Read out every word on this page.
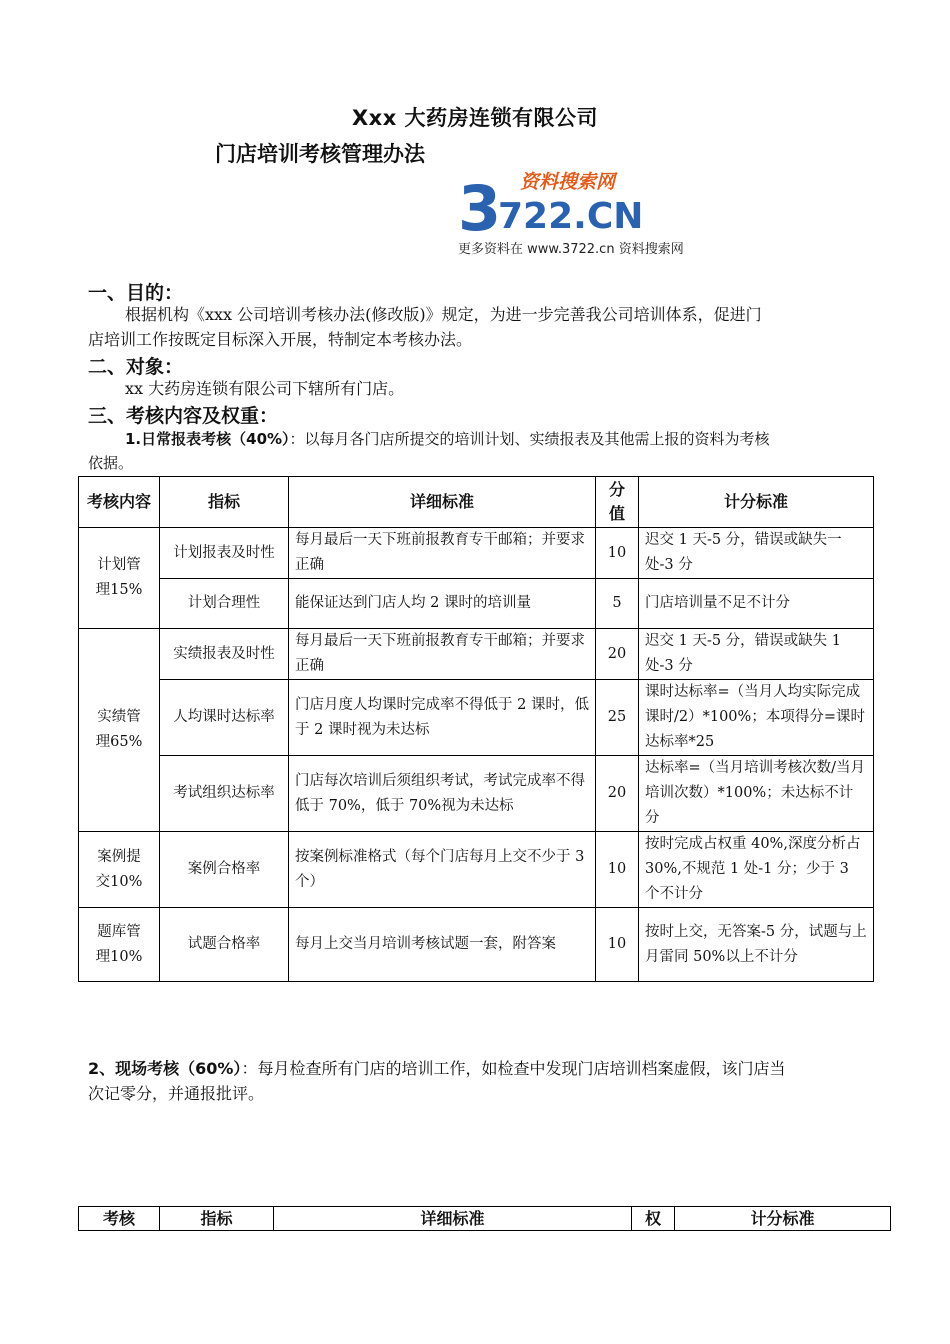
Xxx 大药房连锁有限公司
门店培训考核管理办法
资料搜索网
3
722.CN
更多资料在 www.3722.cn 资料搜索网
一、目的：
根据机构《xxx 公司培训考核办法(修改版)》规定，为进一步完善我公司培训体系，促进门
店培训工作按既定目标深入开展，特制定本考核办法。
二、对象：
xx 大药房连锁有限公司下辖所有门店。
三、考核内容及权重：
1.日常报表考核（40%）：以每月各门店所提交的培训计划、实绩报表及其他需上报的资料为考核
依据。
考核内容	指标	详细标准	分值	计分标准
计划管理15%	计划报表及时性	每月最后一天下班前报教育专干邮箱；并要求正确	10	迟交 1 天-5 分，错误或缺失一处-3 分
	计划合理性	能保证达到门店人均 2 课时的培训量	5	门店培训量不足不计分
实绩管理65%	实绩报表及时性	每月最后一天下班前报教育专干邮箱；并要求正确	20	迟交 1 天-5 分，错误或缺失 1 处-3 分
	人均课时达标率	门店月度人均课时完成率不得低于 2 课时，低于 2 课时视为未达标	25	课时达标率=（当月人均实际完成课时/2）*100%；本项得分=课时达标率*25
	考试组织达标率	门店每次培训后须组织考试，考试完成率不得低于 70%，低于 70%视为未达标	20	达标率=（当月培训考核次数/当月培训次数）*100%；未达标不计分
案例提交10%	案例合格率	按案例标准格式（每个门店每月上交不少于 3 个）	10	按时完成占权重 40%,深度分析占 30%,不规范 1 处-1 分；少于 3 个不计分
题库管理10%	试题合格率	每月上交当月培训考核试题一套，附答案	10	按时上交，无答案-5 分，试题与上月雷同 50%以上不计分
2、现场考核（60%）：每月检查所有门店的培训工作，如检查中发现门店培训档案虚假，该门店当
次记零分，并通报批评。
考核	指标	详细标准	权	计分标准
